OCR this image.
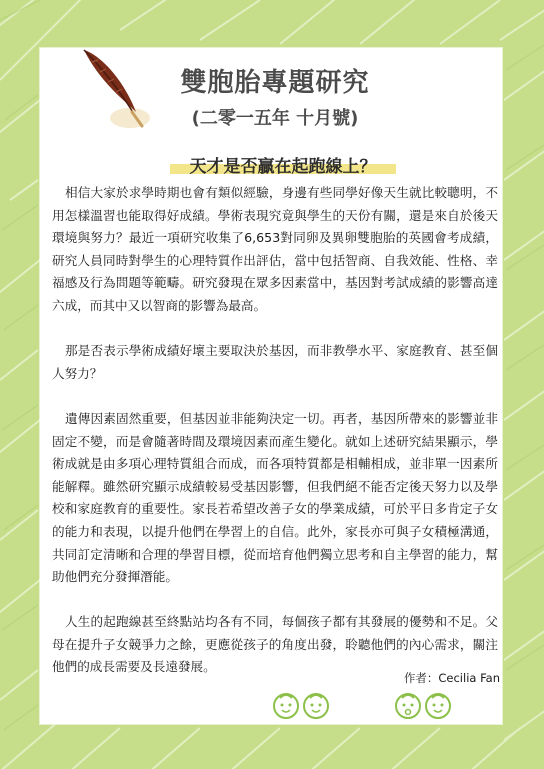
雙胞胎專題研究
(二零一五年 十月號)
天才是否贏在起跑線上？

相信大家於求學時期也會有類似經驗，身邊有些同學好像天生就比較聰明，不用怎樣溫習也能取得好成績。學術表現究竟與學生的天份有關，還是來自於後天環境與努力？最近一項研究收集了6,653對同卵及異卵雙胞胎的英國會考成績，研究人員同時對學生的心理特質作出評估，當中包括智商、自我效能、性格、幸福感及行為問題等範疇。研究發現在眾多因素當中，基因對考試成績的影響高達六成，而其中又以智商的影響為最高。

那是否表示學術成績好壞主要取決於基因，而非教學水平、家庭教育、甚至個人努力？

遺傳因素固然重要，但基因並非能夠決定一切。再者，基因所帶來的影響並非固定不變，而是會隨著時間及環境因素而產生變化。就如上述研究結果顯示，學術成就是由多項心理特質組合而成，而各項特質都是相輔相成，並非單一因素所能解釋。雖然研究顯示成績較易受基因影響，但我們絕不能否定後天努力以及學校和家庭教育的重要性。家長若希望改善子女的學業成績，可於平日多肯定子女的能力和表現，以提升他們在學習上的自信。此外，家長亦可與子女積極溝通，共同訂定清晰和合理的學習目標，從而培育他們獨立思考和自主學習的能力，幫助他們充分發揮潛能。

人生的起跑線甚至終點站均各有不同，每個孩子都有其發展的優勢和不足。父母在提升子女競爭力之餘，更應從孩子的角度出發，聆聽他們的內心需求，關注他們的成長需要及長遠發展。

作者：Cecilia Fan
